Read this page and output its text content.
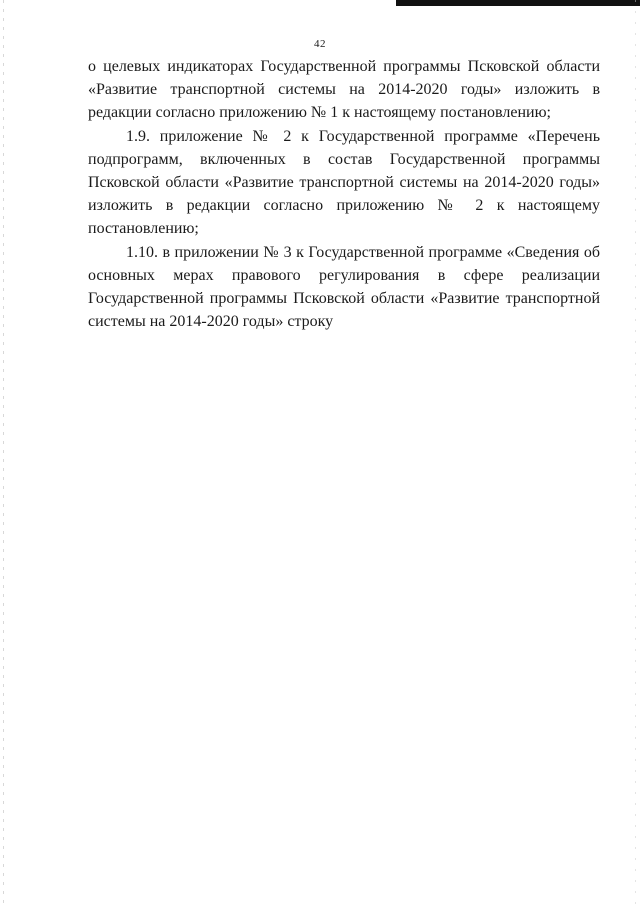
42

о целевых индикаторах Государственной программы Псковской области «Развитие транспортной системы на 2014-2020 годы» изложить в редакции согласно приложению № 1 к настоящему постановлению;

1.9. приложение № 2 к Государственной программе «Перечень подпрограмм, включенных в состав Государственной программы Псковской области «Развитие транспортной системы на 2014-2020 годы» изложить в редакции согласно приложению № 2 к настоящему постановлению;

1.10. в приложении № 3 к Государственной программе «Сведения об основных мерах правового регулирования в сфере реализации Государственной программы Псковской области «Развитие транспортной системы на 2014-2020 годы» строку
